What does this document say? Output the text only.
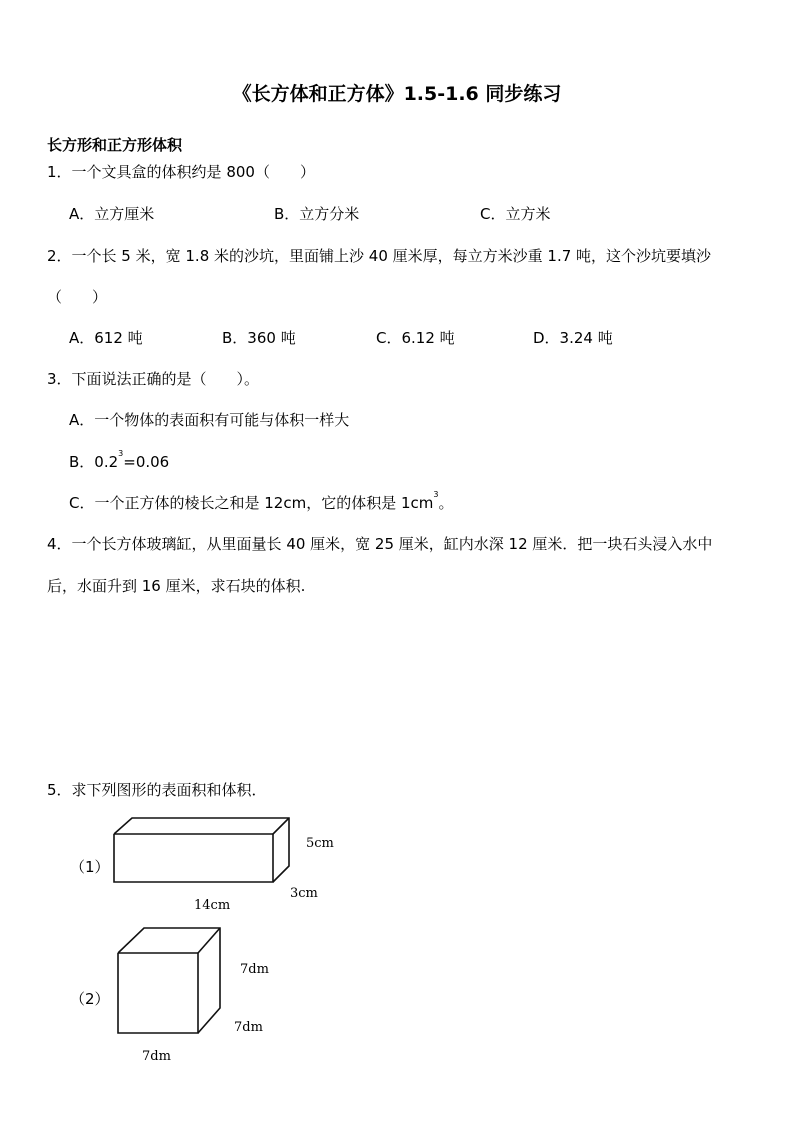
《长方体和正方体》1.5-1.6 同步练习
长方形和正方形体积
1．一个文具盒的体积约是 800（　　）
A．立方厘米	B．立方分米	C．立方米
2．一个长 5 米，宽 1.8 米的沙坑，里面铺上沙 40 厘米厚，每立方米沙重 1.7 吨，这个沙坑要填沙
（　　）
A．612 吨	B．360 吨	C．6.12 吨	D．3.24 吨
3．下面说法正确的是（　　）。
A．一个物体的表面积有可能与体积一样大
B．$0.2^3=0.06$
C．一个正方体的棱长之和是 12cm，它的体积是 $1cm^3$。
4．一个长方体玻璃缸，从里面量长 40 厘米，宽 25 厘米，缸内水深 12 厘米．把一块石头浸入水中
后，水面升到 16 厘米，求石块的体积.
5．求下列图形的表面积和体积．
（1）
5cm
3cm
14cm
（2）
7dm
7dm
7dm
